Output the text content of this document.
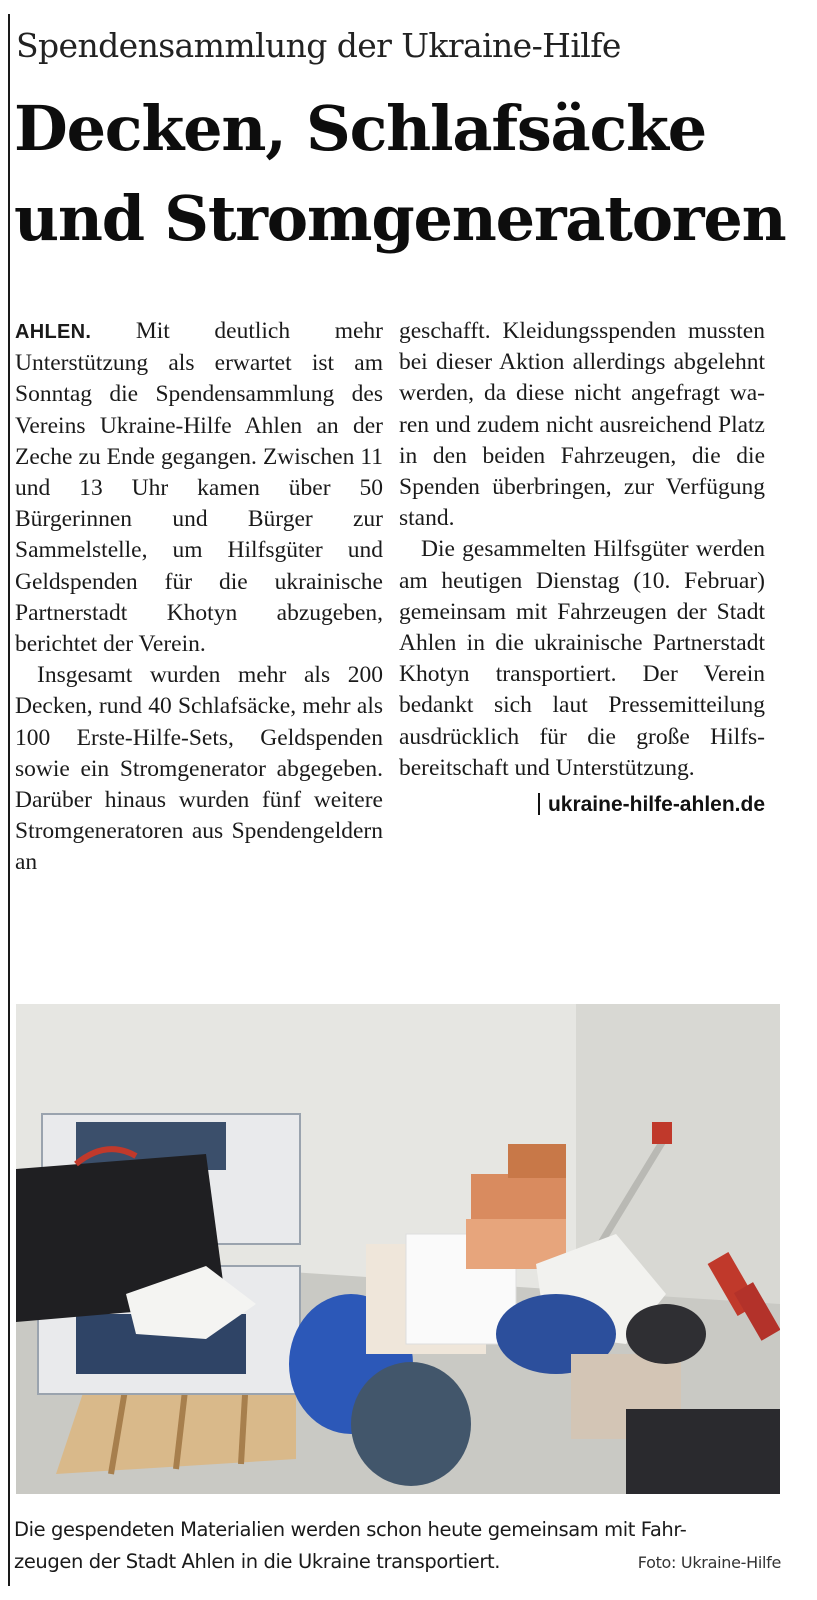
Spendensammlung der Ukraine-Hilfe
Decken, Schlafsäcke
und Stromgeneratoren

AHLEN. Mit deutlich mehr Unterstützung als erwartet ist am Sonntag die Spendensammlung des Vereins Ukraine-Hilfe Ahlen an der Zeche zu Ende gegangen. Zwischen 11 und 13 Uhr kamen über 50 Bürgerinnen und Bürger zur Sammelstelle, um Hilfsgüter und Geldspenden für die ukrainische Partnerstadt Khotyn abzugeben, berichtet der Verein.

Insgesamt wurden mehr als 200 Decken, rund 40 Schlafsäcke, mehr als 100 Erste-Hilfe-Sets, Geldspenden sowie ein Stromgenerator abgegeben. Darüber hinaus wurden fünf weitere Stromgeneratoren aus Spendengeldern an

geschafft. Kleidungsspenden mussten bei dieser Aktion allerdings abgelehnt werden, da diese nicht angefragt waren und zudem nicht ausreichend Platz in den beiden Fahrzeugen, die die Spenden überbringen, zur Verfügung stand.

Die gesammelten Hilfsgüter werden am heutigen Dienstag (10. Februar) gemeinsam mit Fahrzeugen der Stadt Ahlen in die ukrainische Partnerstadt Khotyn transportiert. Der Verein bedankt sich laut Pressemitteilung ausdrücklich für die große Hilfsbereitschaft und Unterstützung.

ukraine-hilfe-ahlen.de
Die gespendeten Materialien werden schon heute gemeinsam mit Fahr-
zeugen der Stadt Ahlen in die Ukraine transportiert.	Foto: Ukraine-Hilfe
